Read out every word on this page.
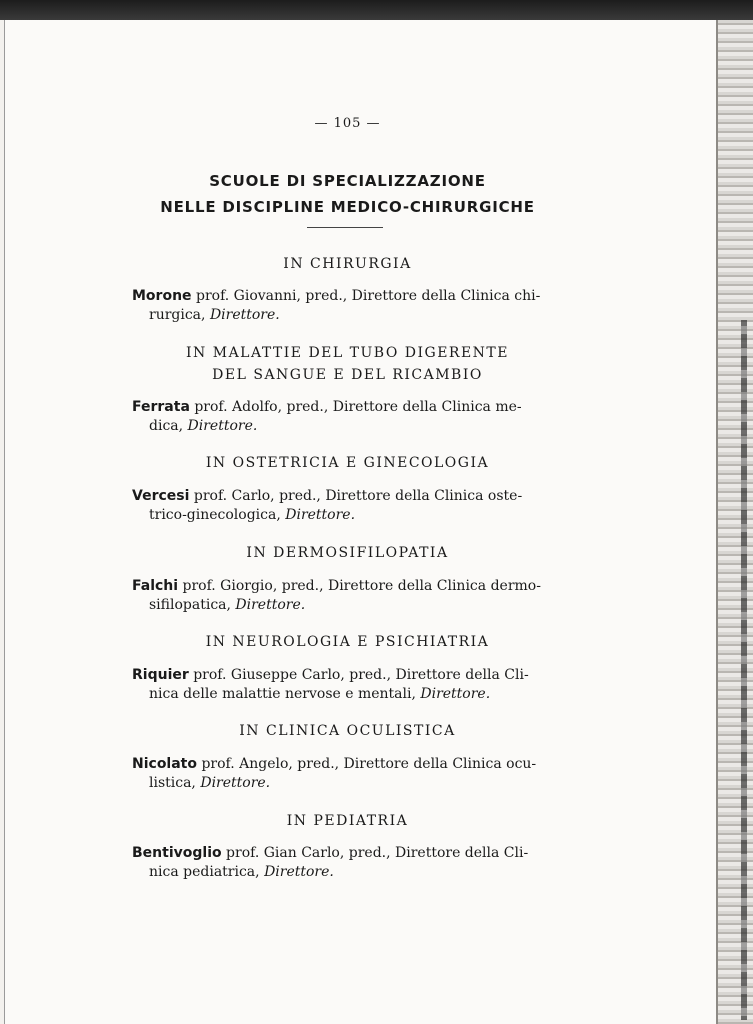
— 105 —
SCUOLE DI SPECIALIZZAZIONE
NELLE DISCIPLINE MEDICO-CHIRURGICHE
IN CHIRURGIA
Morone prof. Giovanni, pred., Direttore della Clinica chi-
rurgica, Direttore.
IN MALATTIE DEL TUBO DIGERENTE
DEL SANGUE E DEL RICAMBIO
Ferrata prof. Adolfo, pred., Direttore della Clinica me-
dica, Direttore.
IN OSTETRICIA E GINECOLOGIA
Vercesi prof. Carlo, pred., Direttore della Clinica oste-
trico-ginecologica, Direttore.
IN DERMOSIFILOPATIA
Falchi prof. Giorgio, pred., Direttore della Clinica dermo-
sifilopatica, Direttore.
IN NEUROLOGIA E PSICHIATRIA
Riquier prof. Giuseppe Carlo, pred., Direttore della Cli-
nica delle malattie nervose e mentali, Direttore.
IN CLINICA OCULISTICA
Nicolato prof. Angelo, pred., Direttore della Clinica ocu-
listica, Direttore.
IN PEDIATRIA
Bentivoglio prof. Gian Carlo, pred., Direttore della Cli-
nica pediatrica, Direttore.
